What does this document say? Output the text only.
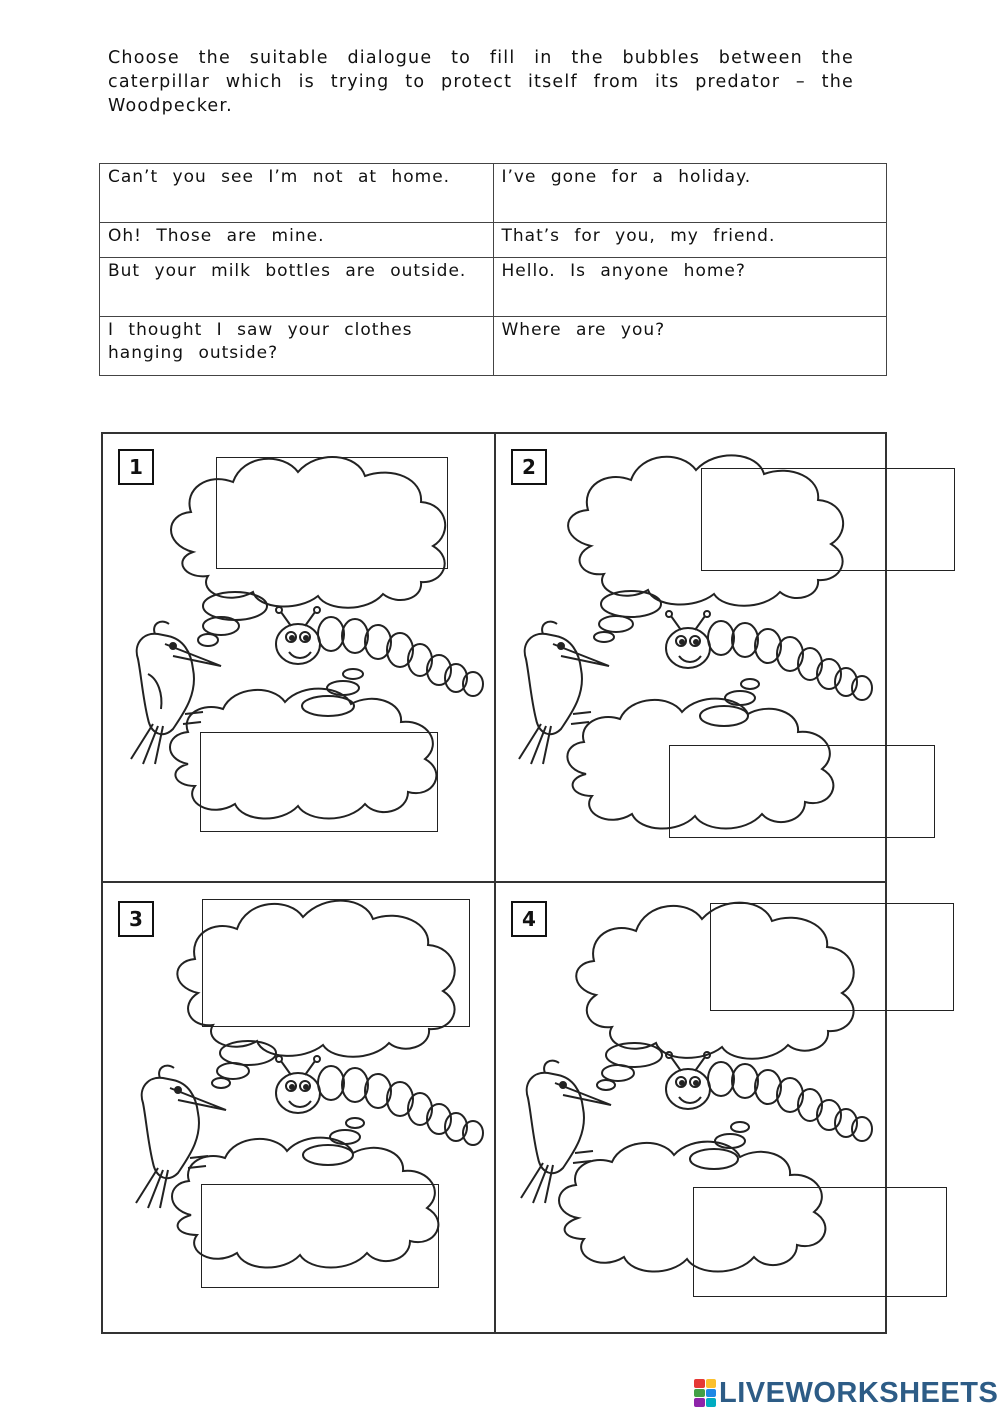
Choose the suitable dialogue to fill in the bubbles between the caterpillar which is trying to protect itself from its predator – the Woodpecker.

Can’t you see I’m not at home.	I’ve gone for a holiday.
Oh! Those are mine.	That’s for you, my friend.
But your milk bottles are outside.	Hello. Is anyone home?
I thought I saw your clothes hanging outside?	Where are you?
1	2
3	4
LIVEWORKSHEETS
